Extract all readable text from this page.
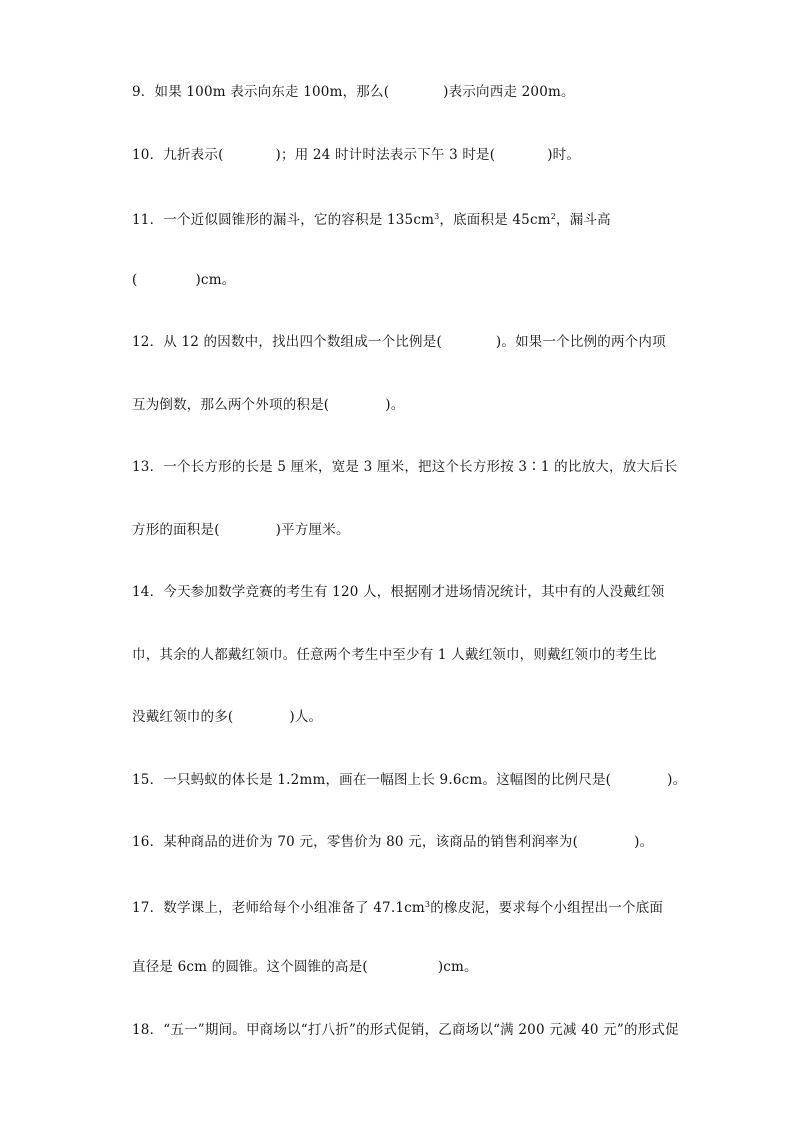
9．如果 100m 表示向东走 100m，那么(	)表示向西走 200m。
10．九折表示(	)；用 24 时计时法表示下午 3 时是(	)时。
11．一个近似圆锥形的漏斗，它的容积是 $135cm^3$，底面积是 $45cm^2$，漏斗高
(	)cm。
12．从 12 的因数中，找出四个数组成一个比例是(	)。如果一个比例的两个内项
互为倒数，那么两个外项的积是(	)。
13．一个长方形的长是 5 厘米，宽是 3 厘米，把这个长方形按 3∶1 的比放大，放大后长
方形的面积是(	)平方厘米。
14．今天参加数学竞赛的考生有 120 人，根据刚才进场情况统计，其中有的人没戴红领
巾，其余的人都戴红领巾。任意两个考生中至少有 1 人戴红领巾，则戴红领巾的考生比
没戴红领巾的多(	)人。
15．一只蚂蚁的体长是 1.2mm，画在一幅图上长 9.6cm。这幅图的比例尺是(	)。
16．某种商品的进价为 70 元，零售价为 80 元，该商品的销售利润率为(	)。
17．数学课上，老师给每个小组准备了 $47.1cm^3$的橡皮泥，要求每个小组捏出一个底面
直径是 6cm 的圆锥。这个圆锥的高是(	)cm。
18．“五一”期间。甲商场以“打八折”的形式促销，乙商场以“满 200 元减 40 元”的形式促
